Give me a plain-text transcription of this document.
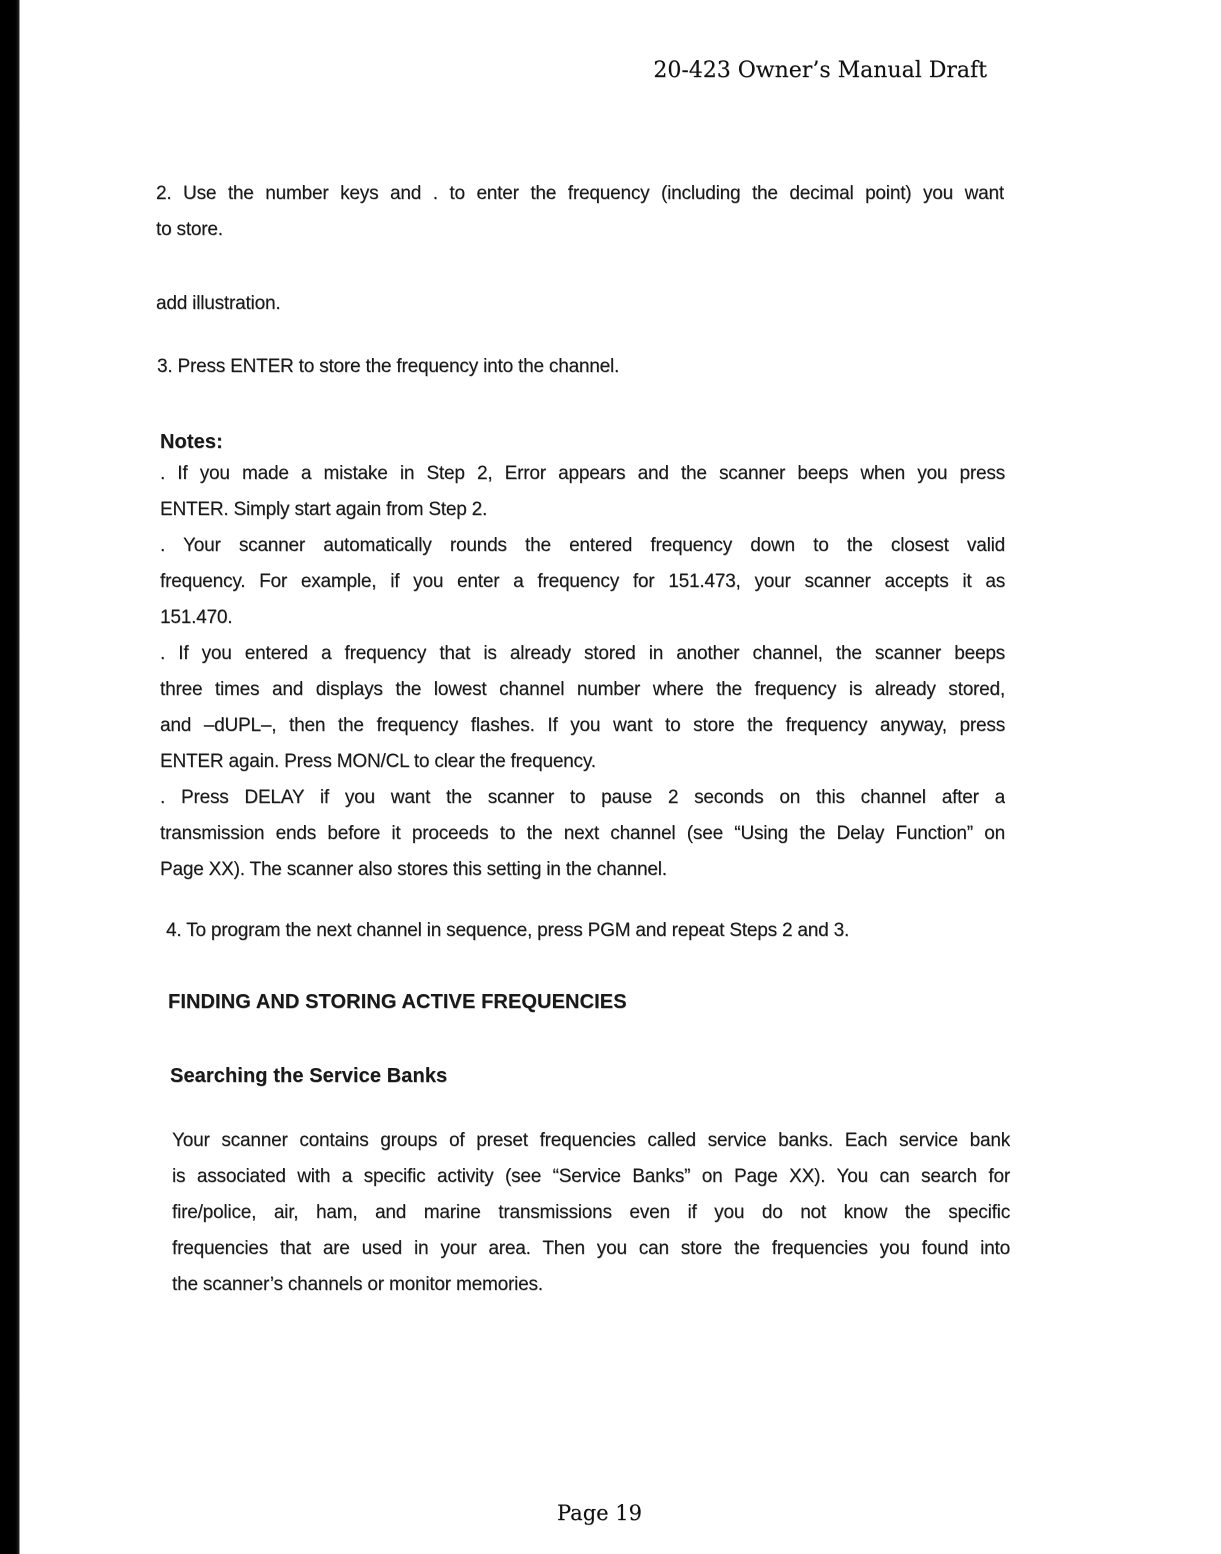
20-423 Owner’s Manual Draft
2. Use the number keys and . to enter the frequency (including the decimal point) you want
to store.
add illustration.
3. Press ENTER to store the frequency into the channel.
Notes:
. If you made a mistake in Step 2, Error appears and the scanner beeps when you press
ENTER. Simply start again from Step 2.
. Your scanner automatically rounds the entered frequency down to the closest valid
frequency. For example, if you enter a frequency for 151.473, your scanner accepts it as
151.470.
. If you entered a frequency that is already stored in another channel, the scanner beeps
three times and displays the lowest channel number where the frequency is already stored,
and –dUPL–, then the frequency flashes. If you want to store the frequency anyway, press
ENTER again. Press MON/CL to clear the frequency.
. Press DELAY if you want the scanner to pause 2 seconds on this channel after a
transmission ends before it proceeds to the next channel (see “Using the Delay Function” on
Page XX). The scanner also stores this setting in the channel.
4. To program the next channel in sequence, press PGM and repeat Steps 2 and 3.
FINDING AND STORING ACTIVE FREQUENCIES
Searching the Service Banks
Your scanner contains groups of preset frequencies called service banks. Each service bank
is associated with a specific activity (see “Service Banks” on Page XX). You can search for
fire/police, air, ham, and marine transmissions even if you do not know the specific
frequencies that are used in your area. Then you can store the frequencies you found into
the scanner’s channels or monitor memories.
Page 19
